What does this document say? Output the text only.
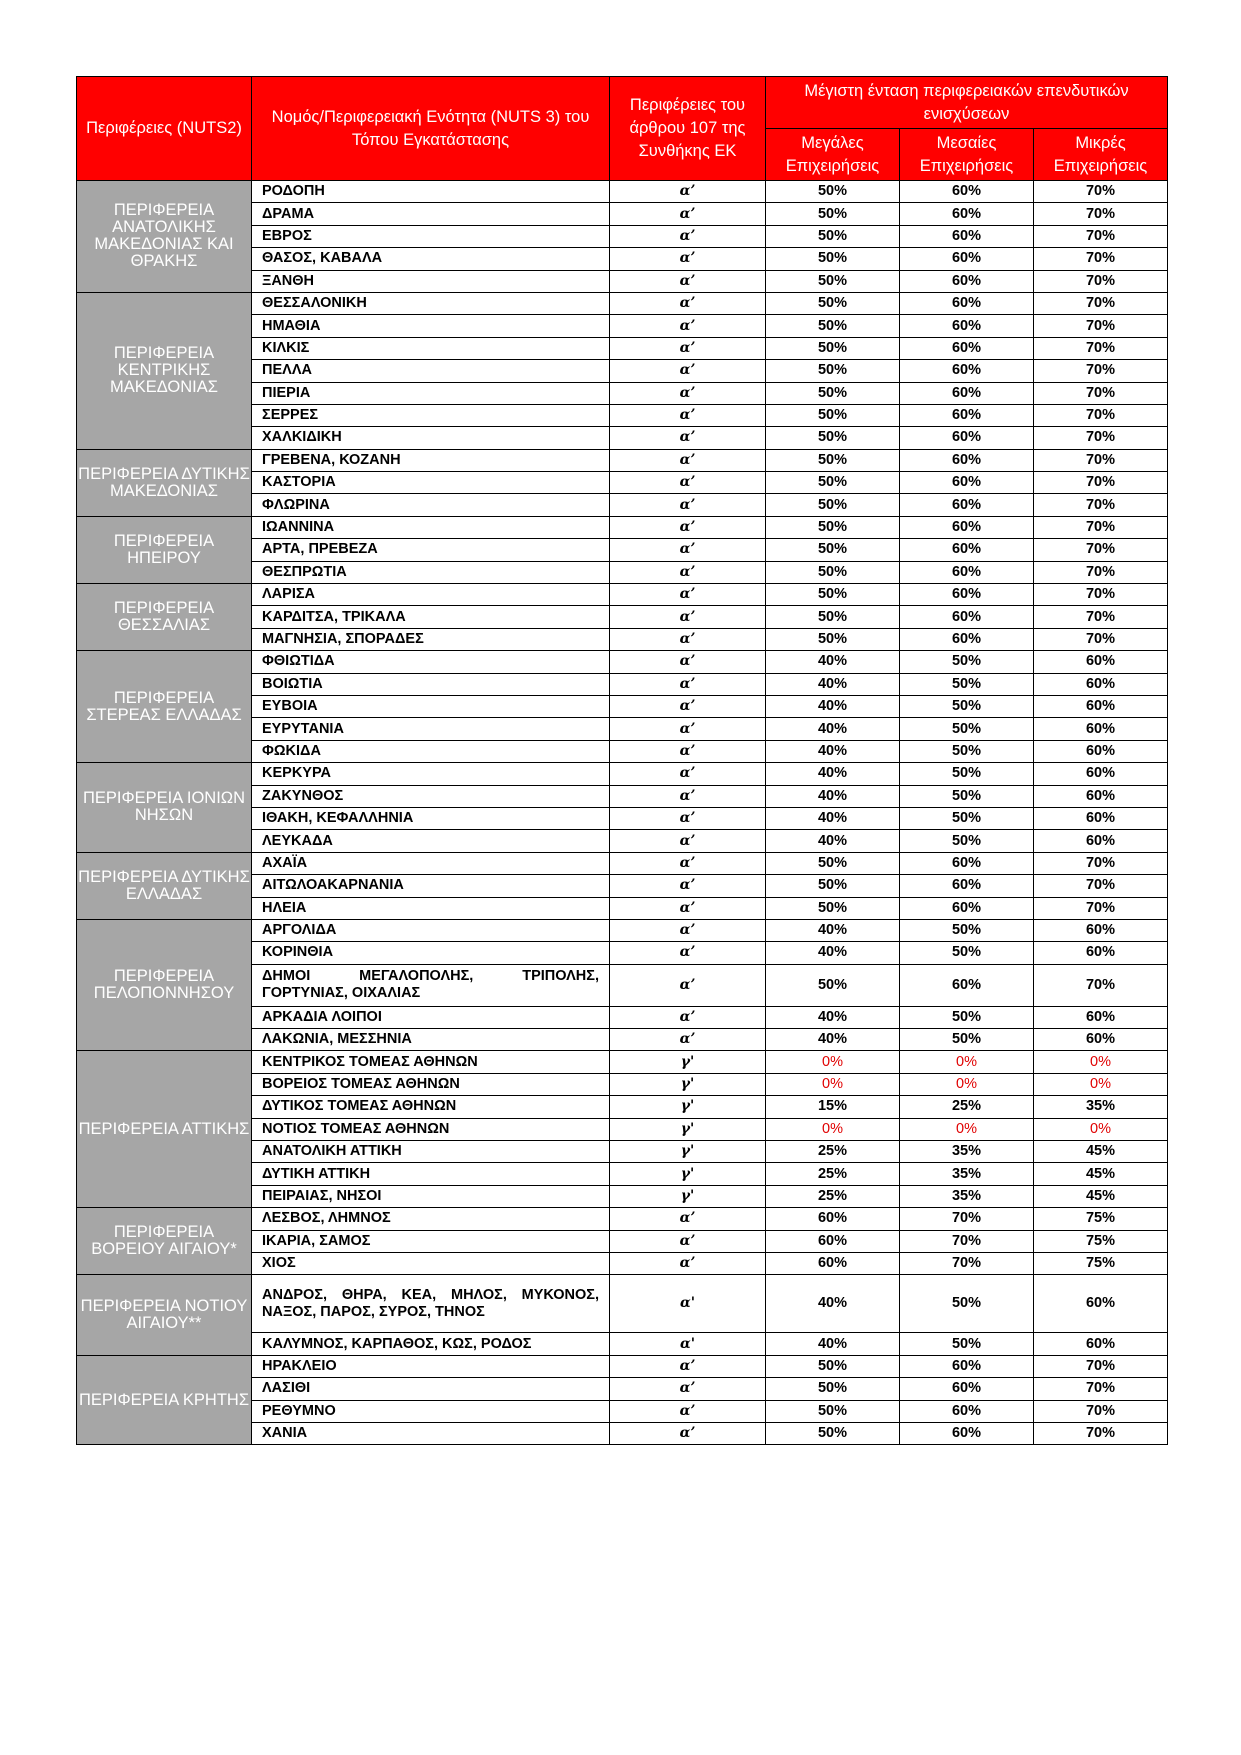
Περιφέρειες (NUTS2)	Νομός/Περιφερειακή Ενότητα (NUTS 3) του Τόπου Εγκατάστασης	Περιφέρειες του άρθρου 107 της Συνθήκης ΕΚ	Μέγιστη ένταση περιφερειακών επενδυτικών ενισχύσεων		
			Μεγάλες Επιχειρήσεις	Μεσαίες Επιχειρήσεις	Μικρές Επιχειρήσεις
ΠΕΡΙΦΕΡΕΙΑ ΑΝΑΤΟΛΙΚΗΣ ΜΑΚΕΔΟΝΙΑΣ ΚΑΙ ΘΡΑΚΗΣ	ΡΟΔΟΠΗ	α’	50%	60%	70%
	ΔΡΑΜΑ	α’	50%	60%	70%
	ΕΒΡΟΣ	α’	50%	60%	70%
	ΘΑΣΟΣ, ΚΑΒΑΛΑ	α’	50%	60%	70%
	ΞΑΝΘΗ	α’	50%	60%	70%
ΠΕΡΙΦΕΡΕΙΑ ΚΕΝΤΡΙΚΗΣ ΜΑΚΕΔΟΝΙΑΣ	ΘΕΣΣΑΛΟΝΙΚΗ	α’	50%	60%	70%
	ΗΜΑΘΙΑ	α’	50%	60%	70%
	ΚΙΛΚΙΣ	α’	50%	60%	70%
	ΠΕΛΛΑ	α’	50%	60%	70%
	ΠΙΕΡΙΑ	α’	50%	60%	70%
	ΣΕΡΡΕΣ	α’	50%	60%	70%
	ΧΑΛΚΙΔΙΚΗ	α’	50%	60%	70%
ΠΕΡΙΦΕΡΕΙΑ ΔΥΤΙΚΗΣ ΜΑΚΕΔΟΝΙΑΣ	ΓΡΕΒΕΝΑ, ΚΟΖΑΝΗ	α’	50%	60%	70%
	ΚΑΣΤΟΡΙΑ	α’	50%	60%	70%
	ΦΛΩΡΙΝΑ	α’	50%	60%	70%
ΠΕΡΙΦΕΡΕΙΑ ΗΠΕΙΡΟΥ	ΙΩΑΝΝΙΝΑ	α’	50%	60%	70%
	ΑΡΤΑ, ΠΡΕΒΕΖΑ	α’	50%	60%	70%
	ΘΕΣΠΡΩΤΙΑ	α’	50%	60%	70%
ΠΕΡΙΦΕΡΕΙΑ ΘΕΣΣΑΛΙΑΣ	ΛΑΡΙΣΑ	α’	50%	60%	70%
	ΚΑΡΔΙΤΣΑ, ΤΡΙΚΑΛΑ	α’	50%	60%	70%
	ΜΑΓΝΗΣΙΑ, ΣΠΟΡΑΔΕΣ	α’	50%	60%	70%
ΠΕΡΙΦΕΡΕΙΑ ΣΤΕΡΕΑΣ ΕΛΛΑΔΑΣ	ΦΘΙΩΤΙΔΑ	α’	40%	50%	60%
	ΒΟΙΩΤΙΑ	α’	40%	50%	60%
	ΕΥΒΟΙΑ	α’	40%	50%	60%
	ΕΥΡΥΤΑΝΙΑ	α’	40%	50%	60%
	ΦΩΚΙΔΑ	α’	40%	50%	60%
ΠΕΡΙΦΕΡΕΙΑ ΙΟΝΙΩΝ ΝΗΣΩΝ	ΚΕΡΚΥΡΑ	α’	40%	50%	60%
	ΖΑΚΥΝΘΟΣ	α’	40%	50%	60%
	ΙΘΑΚΗ, ΚΕΦΑΛΛΗΝΙΑ	α’	40%	50%	60%
	ΛΕΥΚΑΔΑ	α’	40%	50%	60%
ΠΕΡΙΦΕΡΕΙΑ ΔΥΤΙΚΗΣ ΕΛΛΑΔΑΣ	ΑΧΑΪΑ	α’	50%	60%	70%
	ΑΙΤΩΛΟΑΚΑΡΝΑΝΙΑ	α’	50%	60%	70%
	ΗΛΕΙΑ	α’	50%	60%	70%
ΠΕΡΙΦΕΡΕΙΑ ΠΕΛΟΠΟΝΝΗΣΟΥ	ΑΡΓΟΛΙΔΑ	α’	40%	50%	60%
	ΚΟΡΙΝΘΙΑ	α’	40%	50%	60%
	ΔΗΜΟΙ ΜΕΓΑΛΟΠΟΛΗΣ, ΤΡΙΠΟΛΗΣ, ΓΟΡΤΥΝΙΑΣ, ΟΙΧΑΛΙΑΣ	α’	50%	60%	70%
	ΑΡΚΑΔΙΑ ΛΟΙΠΟΙ	α’	40%	50%	60%
	ΛΑΚΩΝΙΑ, ΜΕΣΣΗΝΙΑ	α’	40%	50%	60%
ΠΕΡΙΦΕΡΕΙΑ ΑΤΤΙΚΗΣ	ΚΕΝΤΡΙΚΟΣ ΤΟΜΕΑΣ ΑΘΗΝΩΝ	γ'	0%	0%	0%
	ΒΟΡΕΙΟΣ ΤΟΜΕΑΣ ΑΘΗΝΩΝ	γ'	0%	0%	0%
	ΔΥΤΙΚΟΣ ΤΟΜΕΑΣ ΑΘΗΝΩΝ	γ'	15%	25%	35%
	ΝΟΤΙΟΣ ΤΟΜΕΑΣ ΑΘΗΝΩΝ	γ'	0%	0%	0%
	ΑΝΑΤΟΛΙΚΗ ΑΤΤΙΚΗ	γ'	25%	35%	45%
	ΔΥΤΙΚΗ ΑΤΤΙΚΗ	γ'	25%	35%	45%
	ΠΕΙΡΑΙΑΣ, ΝΗΣΟΙ	γ'	25%	35%	45%
ΠΕΡΙΦΕΡΕΙΑ ΒΟΡΕΙΟΥ ΑΙΓΑΙΟΥ*	ΛΕΣΒΟΣ, ΛΗΜΝΟΣ	α’	60%	70%	75%
	ΙΚΑΡΙΑ, ΣΑΜΟΣ	α’	60%	70%	75%
	ΧΙΟΣ	α’	60%	70%	75%
ΠΕΡΙΦΕΡΕΙΑ ΝΟΤΙΟΥ ΑΙΓΑΙΟΥ**	ΑΝΔΡΟΣ, ΘΗΡΑ, ΚΕΑ, ΜΗΛΟΣ, ΜΥΚΟΝΟΣ, ΝΑΞΟΣ, ΠΑΡΟΣ, ΣΥΡΟΣ, ΤΗΝΟΣ	α'	40%	50%	60%
	ΚΑΛΥΜΝΟΣ, ΚΑΡΠΑΘΟΣ, ΚΩΣ, ΡΟΔΟΣ	α'	40%	50%	60%
ΠΕΡΙΦΕΡΕΙΑ ΚΡΗΤΗΣ	ΗΡΑΚΛΕΙΟ	α’	50%	60%	70%
	ΛΑΣΙΘΙ	α’	50%	60%	70%
	ΡΕΘΥΜΝΟ	α’	50%	60%	70%
	ΧΑΝΙΑ	α’	50%	60%	70%
